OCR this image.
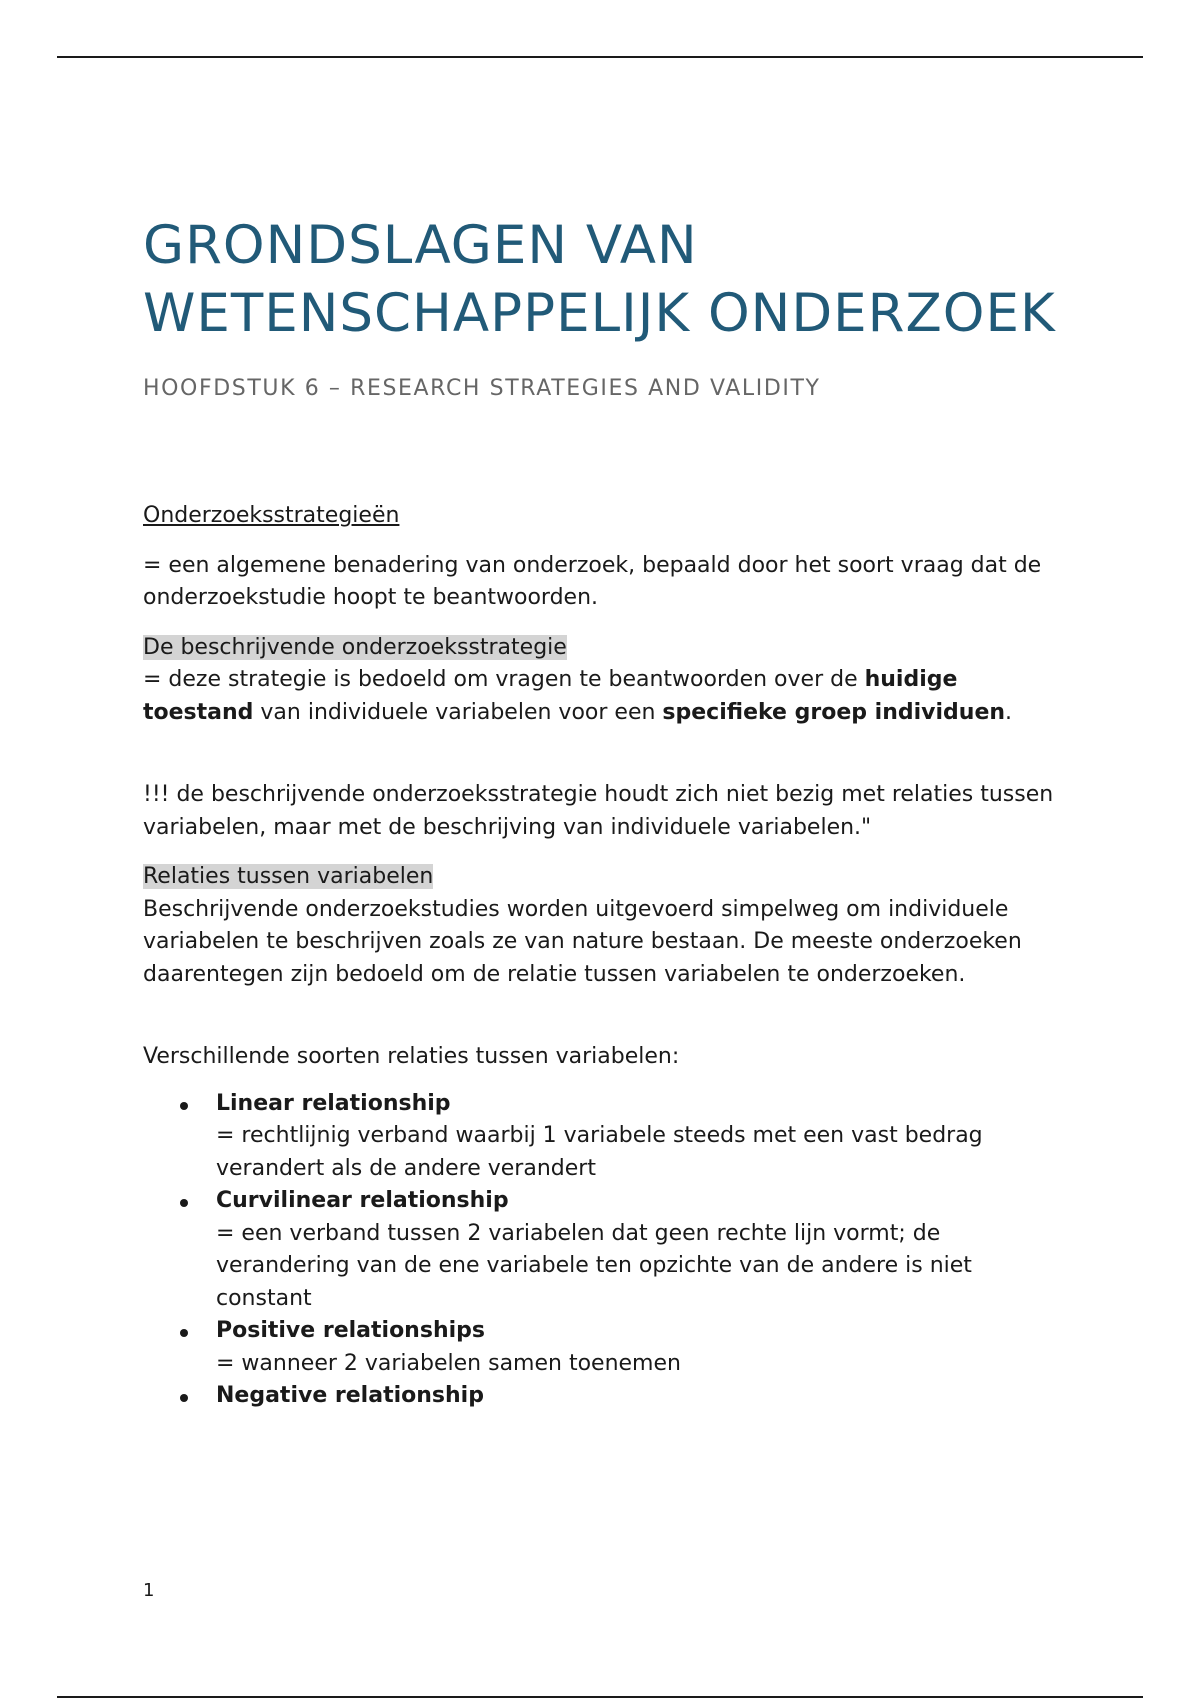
GRONDSLAGEN VAN
WETENSCHAPPELIJK ONDERZOEK
HOOFDSTUK 6 – RESEARCH STRATEGIES AND VALIDITY

Onderzoeksstrategieën

= een algemene benadering van onderzoek, bepaald door het soort vraag dat de onderzoekstudie hoopt te beantwoorden.

De beschrijvende onderzoeksstrategie

= deze strategie is bedoeld om vragen te beantwoorden over de huidige toestand van individuele variabelen voor een specifieke groep individuen.

!!! de beschrijvende onderzoeksstrategie houdt zich niet bezig met relaties tussen variabelen, maar met de beschrijving van individuele variabelen."

Relaties tussen variabelen

Beschrijvende onderzoekstudies worden uitgevoerd simpelweg om individuele variabelen te beschrijven zoals ze van nature bestaan. De meeste onderzoeken daarentegen zijn bedoeld om de relatie tussen variabelen te onderzoeken.

Verschillende soorten relaties tussen variabelen:

Linear relationship
= rechtlijnig verband waarbij 1 variabele steeds met een vast bedrag verandert als de andere verandert
Curvilinear relationship
= een verband tussen 2 variabelen dat geen rechte lijn vormt; de verandering van de ene variabele ten opzichte van de andere is niet constant
Positive relationships
= wanneer 2 variabelen samen toenemen
Negative relationship
1
